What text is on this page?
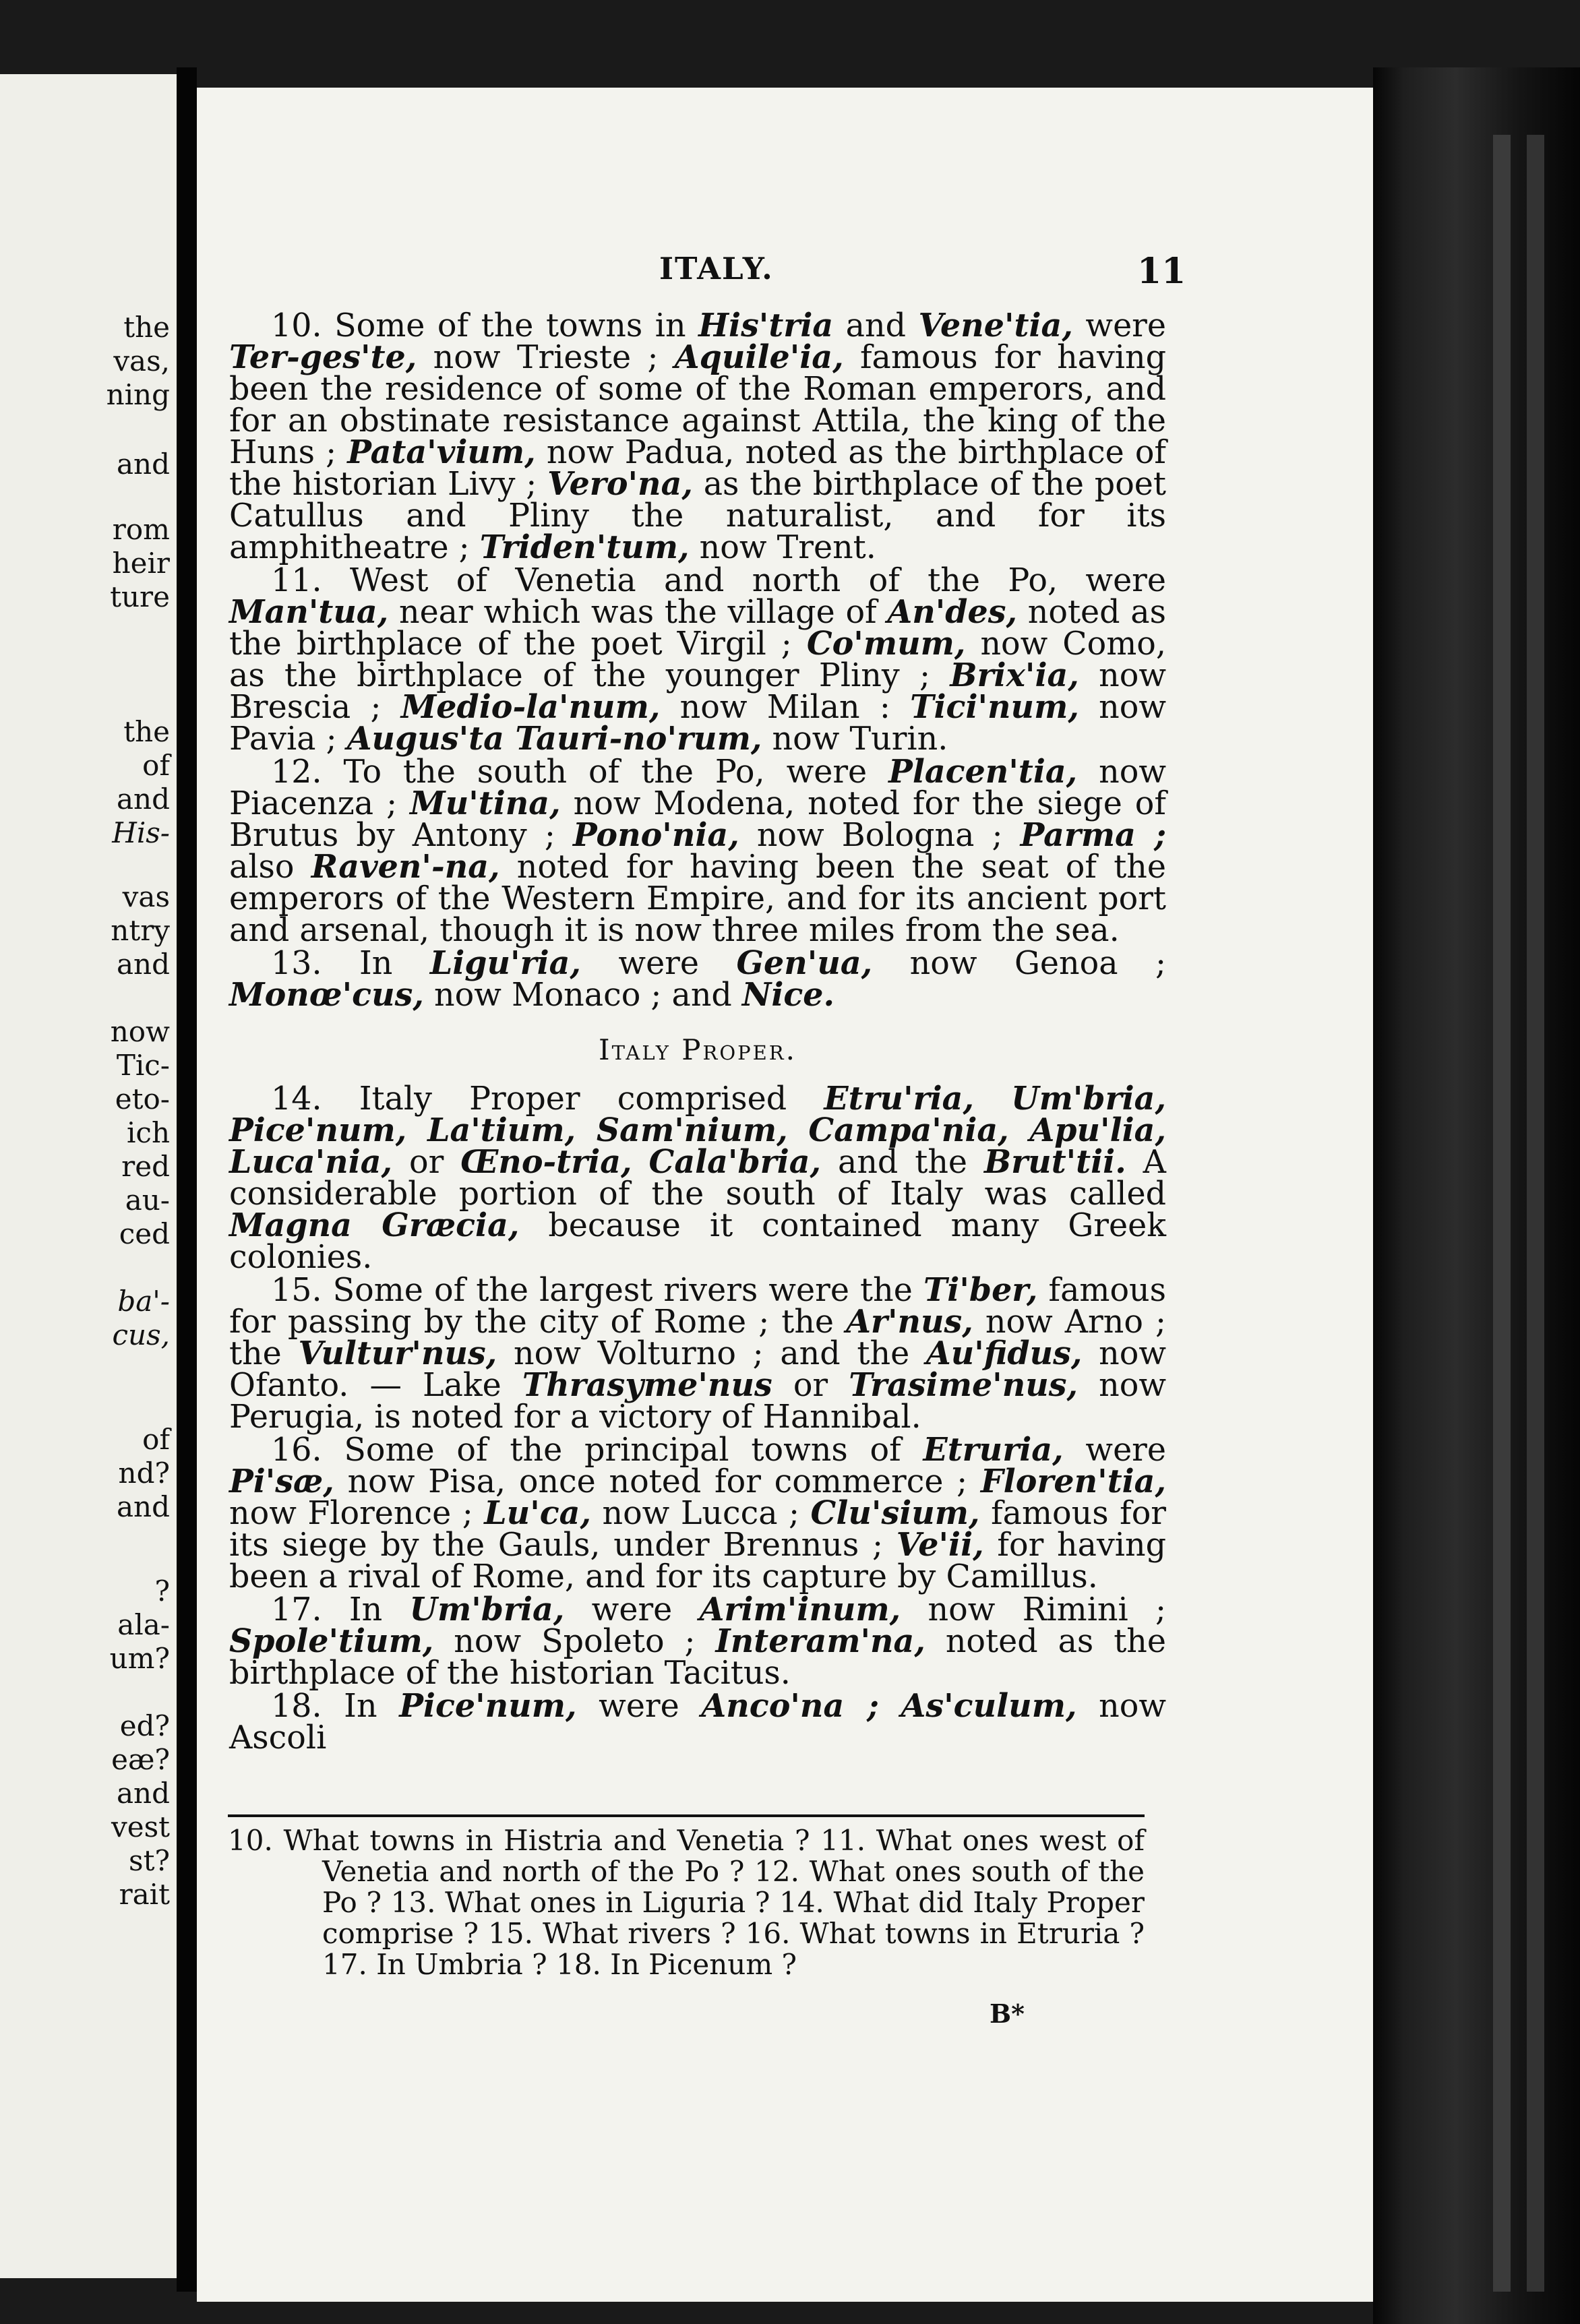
the
vas,
ning
and
rom
heir
ture
the
of
and
His-
vas
ntry
and
now
Tic-
eto-
ich
red
au-
ced
ba'-
cus,
of
nd?
and
?
ala-
um?
ed?
eæ?
and
vest
st?
rait
ITALY.	11

10. Some of the towns in His'tria and Vene'tia, were Ter-ges'te, now Trieste ; Aquile'ia, famous for having been the residence of some of the Roman emperors, and for an obstinate resistance against Attila, the king of the Huns ; Pata'vium, now Padua, noted as the birthplace of the historian Livy ; Vero'na, as the birthplace of the poet Catullus and Pliny the naturalist, and for its amphitheatre ; Triden'tum, now Trent.

11. West of Venetia and north of the Po, were Man'tua, near which was the village of An'des, noted as the birthplace of the poet Virgil ; Co'mum, now Como, as the birthplace of the younger Pliny ; Brix'ia, now Brescia ; Medio-la'num, now Milan : Tici'num, now Pavia ; Augus'ta Tauri-no'rum, now Turin.

12. To the south of the Po, were Placen'tia, now Piacenza ; Mu'tina, now Modena, noted for the siege of Brutus by Antony ; Pono'nia, now Bologna ; Parma ; also Raven'-na, noted for having been the seat of the emperors of the Western Empire, and for its ancient port and arsenal, though it is now three miles from the sea.

13. In Ligu'ria, were Gen'ua, now Genoa ; Monœ'cus, now Monaco ; and Nice.

Italy Proper.

14. Italy Proper comprised Etru'ria, Um'bria, Pice'num, La'tium, Sam'nium, Campa'nia, Apu'lia, Luca'nia, or Œno-tria, Cala'bria, and the Brut'tii. A considerable portion of the south of Italy was called Magna Græcia, because it contained many Greek colonies.

15. Some of the largest rivers were the Ti'ber, famous for passing by the city of Rome ; the Ar'nus, now Arno ; the Vultur'nus, now Volturno ; and the Au'fidus, now Ofanto. — Lake Thrasyme'nus or Trasime'nus, now Perugia, is noted for a victory of Hannibal.

16. Some of the principal towns of Etruria, were Pi'sæ, now Pisa, once noted for commerce ; Floren'tia, now Florence ; Lu'ca, now Lucca ; Clu'sium, famous for its siege by the Gauls, under Brennus ; Ve'ii, for having been a rival of Rome, and for its capture by Camillus.

17. In Um'bria, were Arim'inum, now Rimini ; Spole'tium, now Spoleto ; Interam'na, noted as the birthplace of the historian Tacitus.

18. In Pice'num, were Anco'na ; As'culum, now Ascoli

10. What towns in Histria and Venetia ? 11. What ones west of Venetia and north of the Po ? 12. What ones south of the Po ? 13. What ones in Liguria ? 14. What did Italy Proper comprise ? 15. What rivers ? 16. What towns in Etruria ? 17. In Umbria ? 18. In Picenum ?

B*
